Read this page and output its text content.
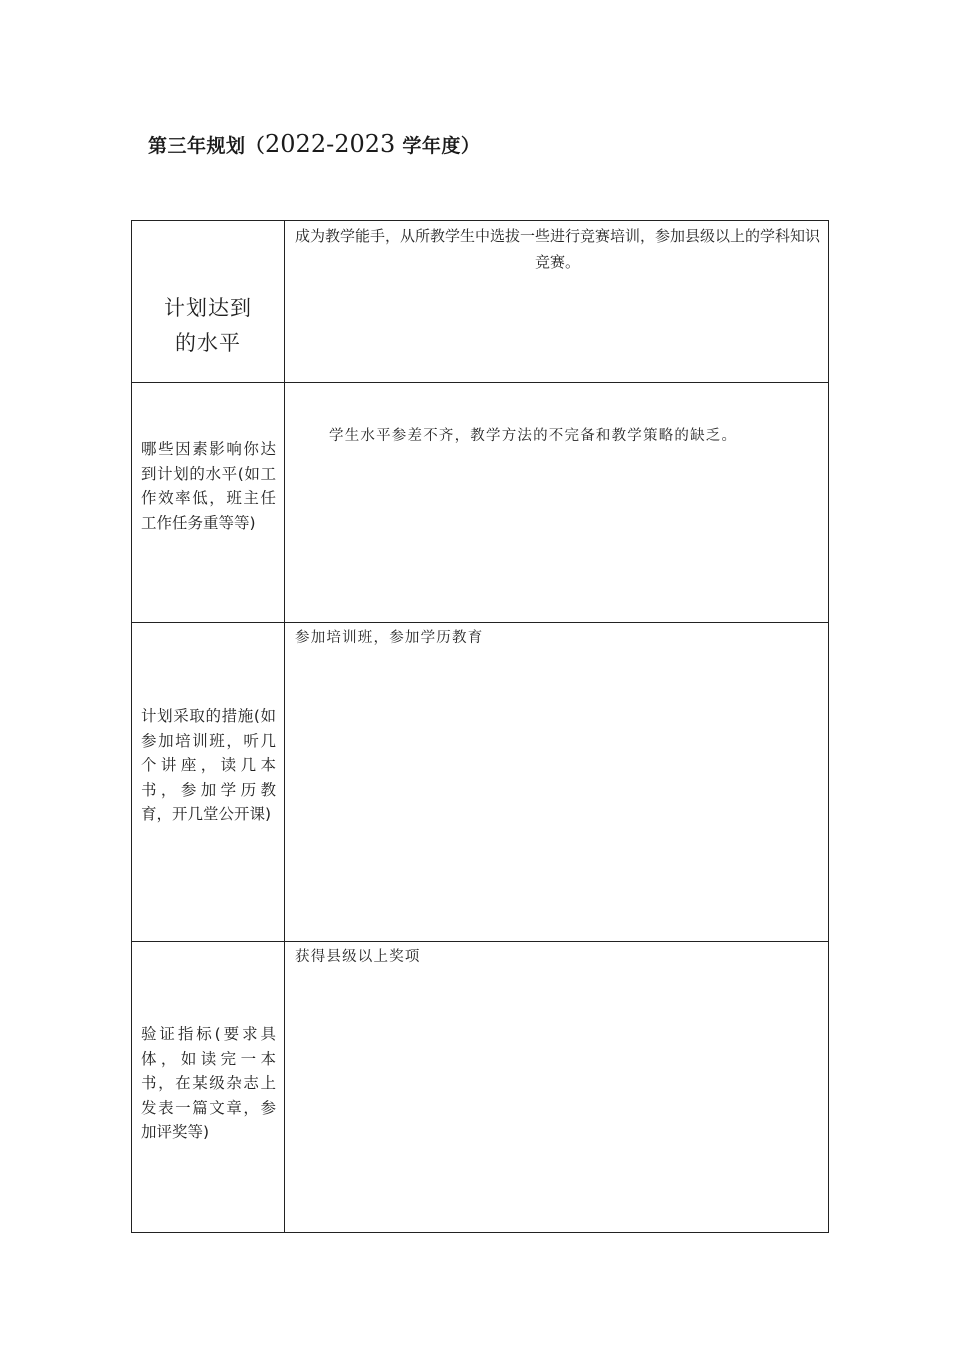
第三年规划（2022-2023 学年度）
计划达到
的水平	成为教学能手，从所教学生中选拔一些进行竞赛培训，参加县级以上的学科知识竞赛。

哪些因素影响你达到计划的水平(如工作效率低，班主任工作任务重等等)	学生水平参差不齐，教学方法的不完备和教学策略的缺乏。

计划采取的措施(如参加培训班，听几个讲座，读几本书，参加学历教育，开几堂公开课)	参加培训班，参加学历教育

验证指标(要求具体，如读完一本书，在某级杂志上发表一篇文章，参加评奖等)	获得县级以上奖项
